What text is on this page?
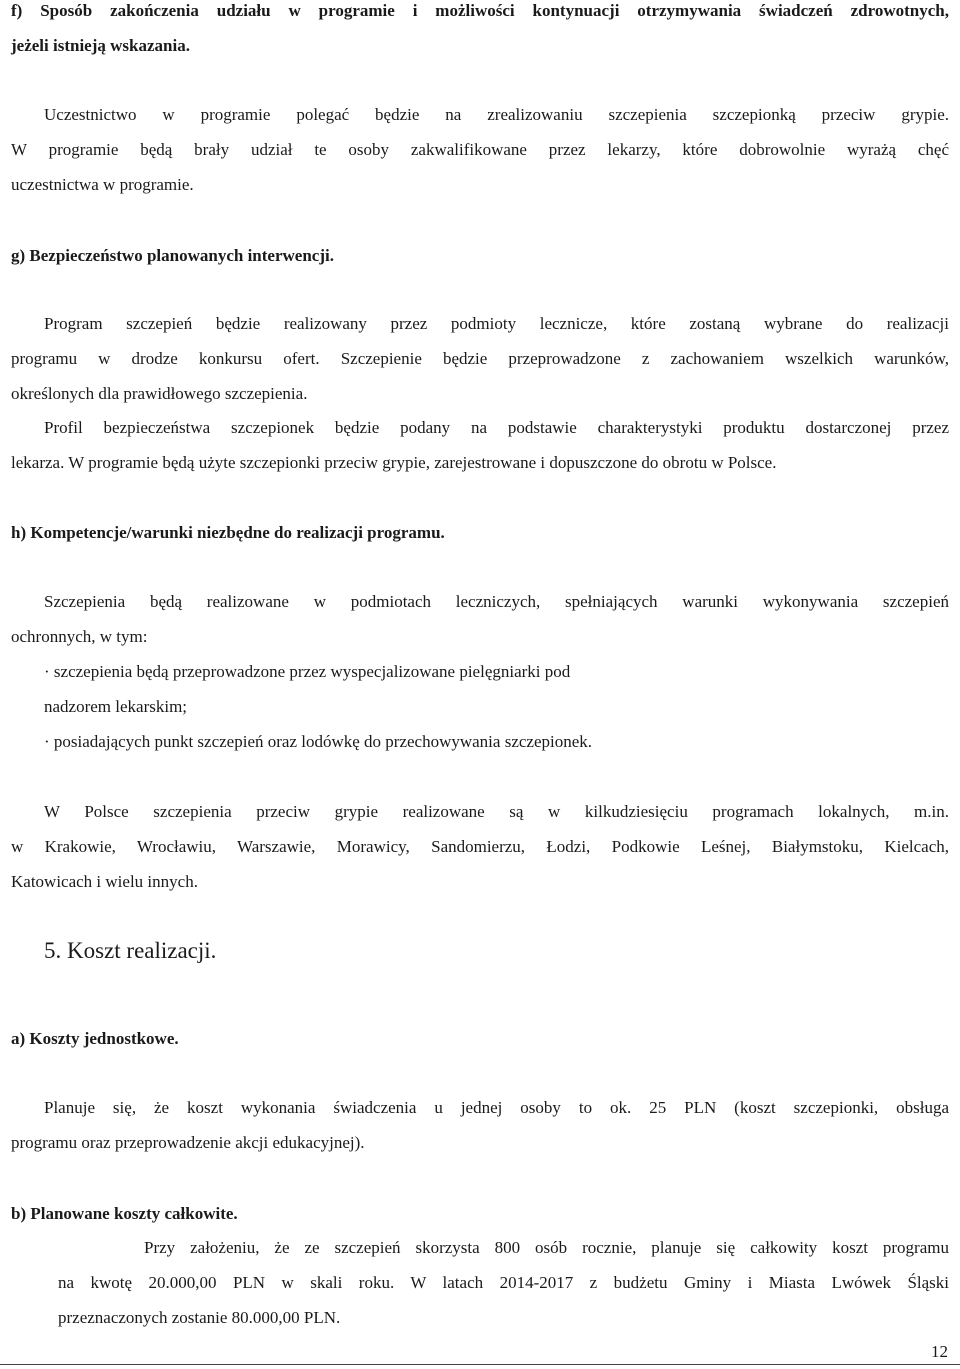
f) Sposób zakończenia udziału w programie i możliwości kontynuacji otrzymywania świadczeń zdrowotnych,
jeżeli istnieją wskazania.
Uczestnictwo w programie polegać będzie na zrealizowaniu szczepienia szczepionką przeciw grypie.
W programie będą brały udział te osoby zakwalifikowane przez lekarzy, które dobrowolnie wyrażą chęć
uczestnictwa w programie.
g) Bezpieczeństwo planowanych interwencji.
Program szczepień będzie realizowany przez podmioty lecznicze, które zostaną wybrane do realizacji
programu w drodze konkursu ofert. Szczepienie będzie przeprowadzone z zachowaniem wszelkich warunków,
określonych dla prawidłowego szczepienia.
Profil bezpieczeństwa szczepionek będzie podany na podstawie charakterystyki produktu dostarczonej przez
lekarza. W programie będą użyte szczepionki przeciw grypie, zarejestrowane i dopuszczone do obrotu w Polsce.
h) Kompetencje/warunki niezbędne do realizacji programu.
Szczepienia będą realizowane w podmiotach leczniczych, spełniających warunki wykonywania szczepień
ochronnych, w tym:
· szczepienia będą przeprowadzone przez wyspecjalizowane pielęgniarki pod
nadzorem lekarskim;
· posiadających punkt szczepień oraz lodówkę do przechowywania szczepionek.
W Polsce szczepienia przeciw grypie realizowane są w kilkudziesięciu programach lokalnych, m.in.
w Krakowie, Wrocławiu, Warszawie, Morawicy, Sandomierzu, Łodzi, Podkowie Leśnej, Białymstoku, Kielcach,
Katowicach i wielu innych.
5. Koszt realizacji.
a) Koszty jednostkowe.
Planuje się, że koszt wykonania świadczenia u jednej osoby to ok. 25 PLN (koszt szczepionki, obsługa
programu oraz przeprowadzenie akcji edukacyjnej).
b) Planowane koszty całkowite.
Przy założeniu, że ze szczepień skorzysta 800 osób rocznie, planuje się całkowity koszt programu
na kwotę 20.000,00 PLN w skali roku. W latach 2014-2017 z budżetu Gminy i Miasta Lwówek Śląski
przeznaczonych zostanie 80.000,00 PLN.
12
